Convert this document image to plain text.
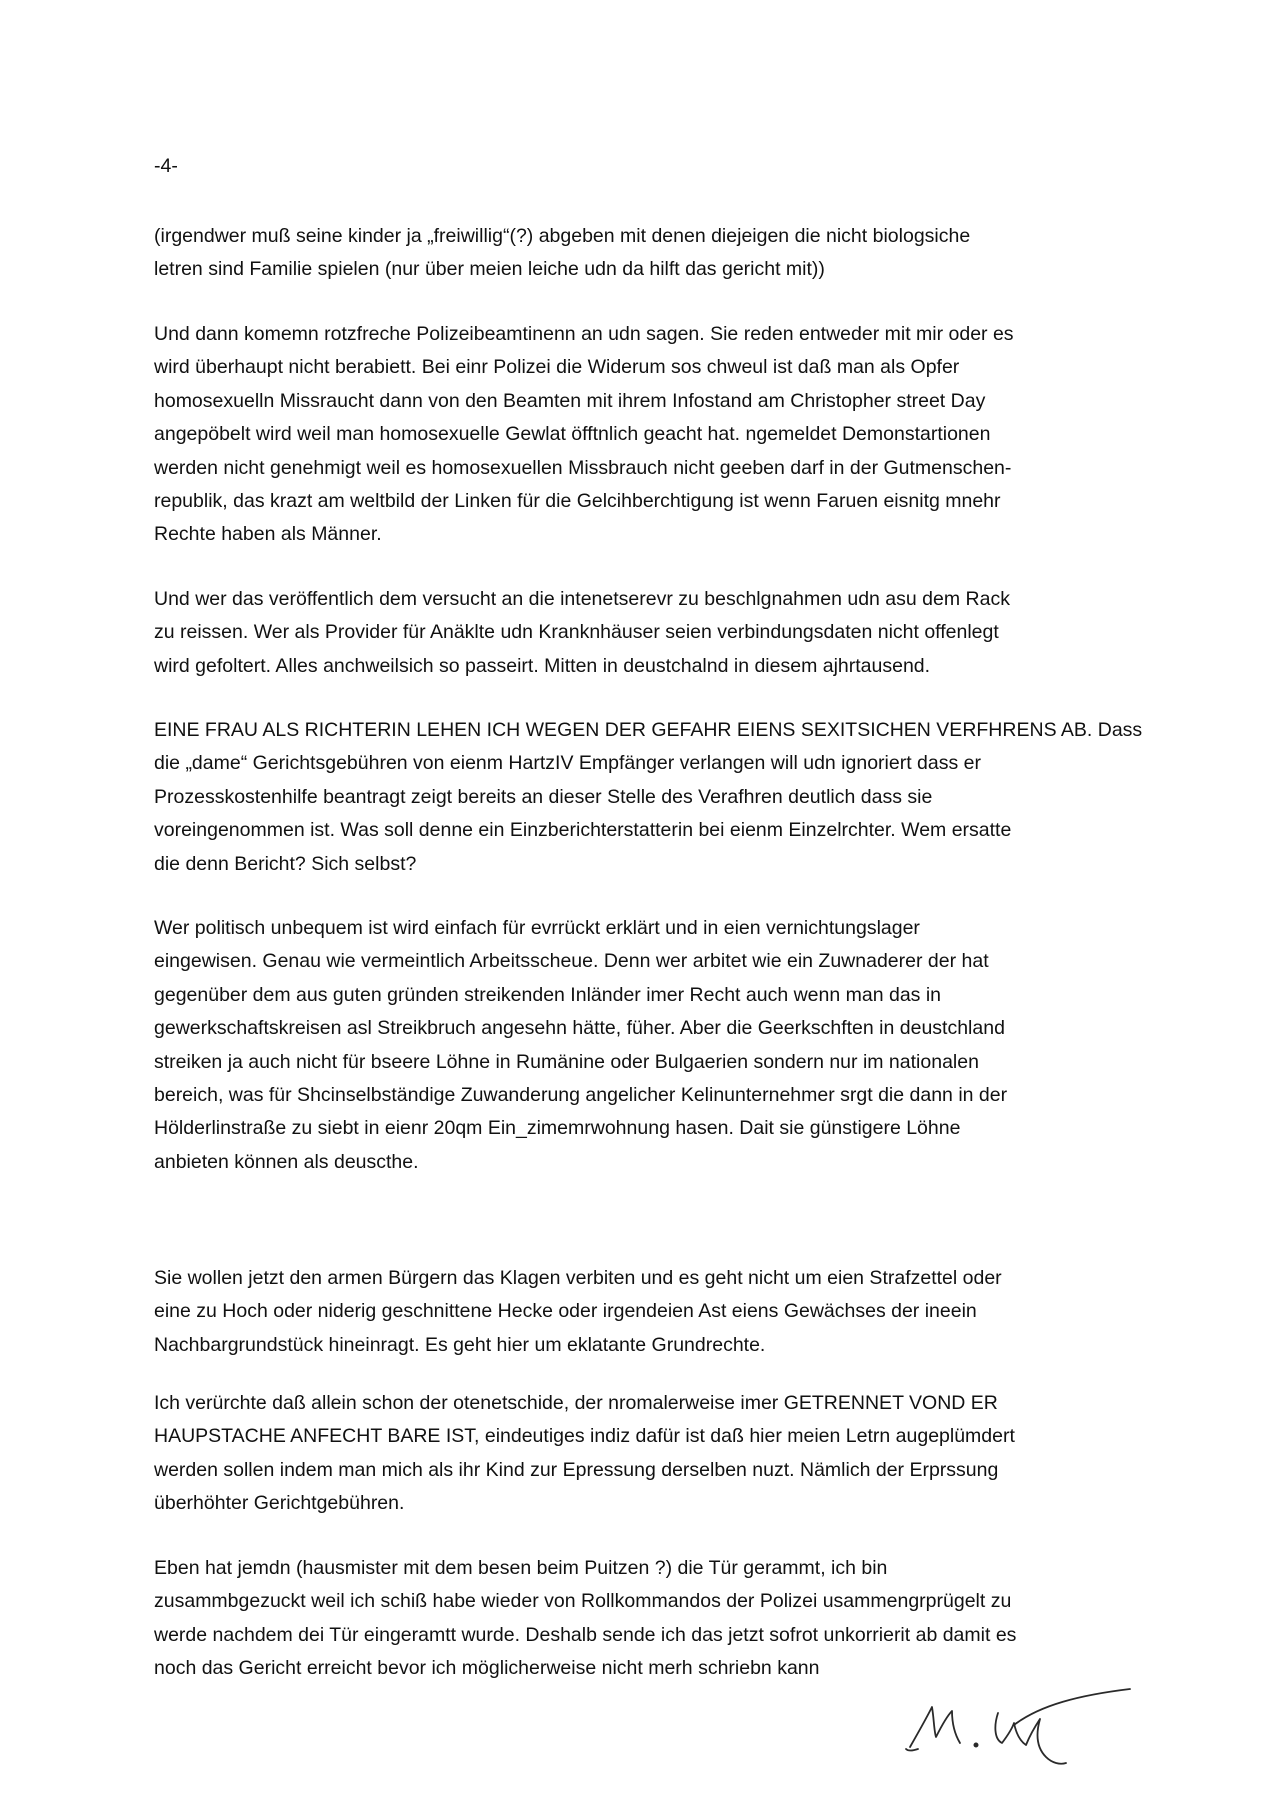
-4-

(irgendwer muß seine kinder ja „freiwillig“(?) abgeben mit denen diejeigen die nicht biologsiche
letren sind Familie spielen (nur über meien leiche udn da hilft das gericht mit))

Und dann komemn rotzfreche Polizeibeamtinenn an udn sagen. Sie reden entweder mit mir oder es
wird überhaupt nicht berabiett. Bei einr Polizei die Widerum sos chweul ist daß man als Opfer
homosexuelln Missraucht dann von den Beamten mit ihrem Infostand am Christopher street Day
angepöbelt wird weil man homosexuelle Gewlat öfftnlich geacht hat. ngemeldet Demonstartionen
werden nicht genehmigt weil es homosexuellen Missbrauch nicht geeben darf in der Gutmenschen-
republik, das krazt am weltbild der Linken für die Gelcihberchtigung ist wenn Faruen eisnitg mnehr
Rechte haben als Männer.

Und wer das veröffentlich dem versucht an die intenetserevr zu beschlgnahmen udn asu dem Rack
zu reissen. Wer als Provider für Anäklte udn Kranknhäuser seien verbindungsdaten nicht offenlegt
wird gefoltert. Alles anchweilsich so passeirt. Mitten in deustchalnd in diesem ajhrtausend.

EINE FRAU ALS RICHTERIN LEHEN ICH WEGEN DER GEFAHR EIENS SEXITSICHEN VERFHRENS AB. Dass
die „dame“ Gerichtsgebühren von eienm HartzIV Empfänger verlangen will udn ignoriert dass er
Prozesskostenhilfe beantragt zeigt bereits an dieser Stelle des Verafhren deutlich dass sie
voreingenommen ist. Was soll denne ein Einzberichterstatterin bei eienm Einzelrchter. Wem ersatte
die denn Bericht? Sich selbst?

Wer politisch unbequem ist wird einfach für evrrückt erklärt und in eien vernichtungslager
eingewisen. Genau wie vermeintlich Arbeitsscheue. Denn wer arbitet wie ein Zuwnaderer der hat
gegenüber dem aus guten gründen streikenden Inländer imer Recht auch wenn man das in
gewerkschaftskreisen asl Streikbruch angesehn hätte, füher. Aber die Geerkschften in deustchland
streiken ja auch nicht für bseere Löhne in Rumänine oder Bulgaerien sondern nur im nationalen
bereich, was für Shcinselbständige Zuwanderung angelicher Kelinunternehmer srgt die dann in der
Hölderlinstraße zu siebt in eienr 20qm Ein_zimemrwohnung hasen. Dait sie günstigere Löhne
anbieten können als deuscthe.

Sie wollen jetzt den armen Bürgern das Klagen verbiten und es geht nicht um eien Strafzettel oder
eine zu Hoch oder niderig geschnittene Hecke oder irgendeien Ast eiens Gewächses der ineein
Nachbargrundstück hineinragt. Es geht hier um eklatante Grundrechte.

Ich verürchte daß allein schon der otenetschide, der nromalerweise imer GETRENNET VOND ER
HAUPSTACHE ANFECHT BARE IST, eindeutiges indiz dafür ist daß hier meien Letrn augeplümdert
werden sollen indem man mich als ihr Kind zur Epressung derselben nuzt. Nämlich der Erprssung
überhöhter Gerichtgebühren.

Eben hat jemdn (hausmister mit dem besen beim Puitzen ?) die Tür gerammt, ich bin
zusammbgezuckt weil ich schiß habe wieder von Rollkommandos der Polizei usammengrprügelt zu
werde nachdem dei Tür eingeramtt wurde. Deshalb sende ich das jetzt sofrot unkorrierit ab damit es
noch das Gericht erreicht bevor ich möglicherweise nicht merh schriebn kann
